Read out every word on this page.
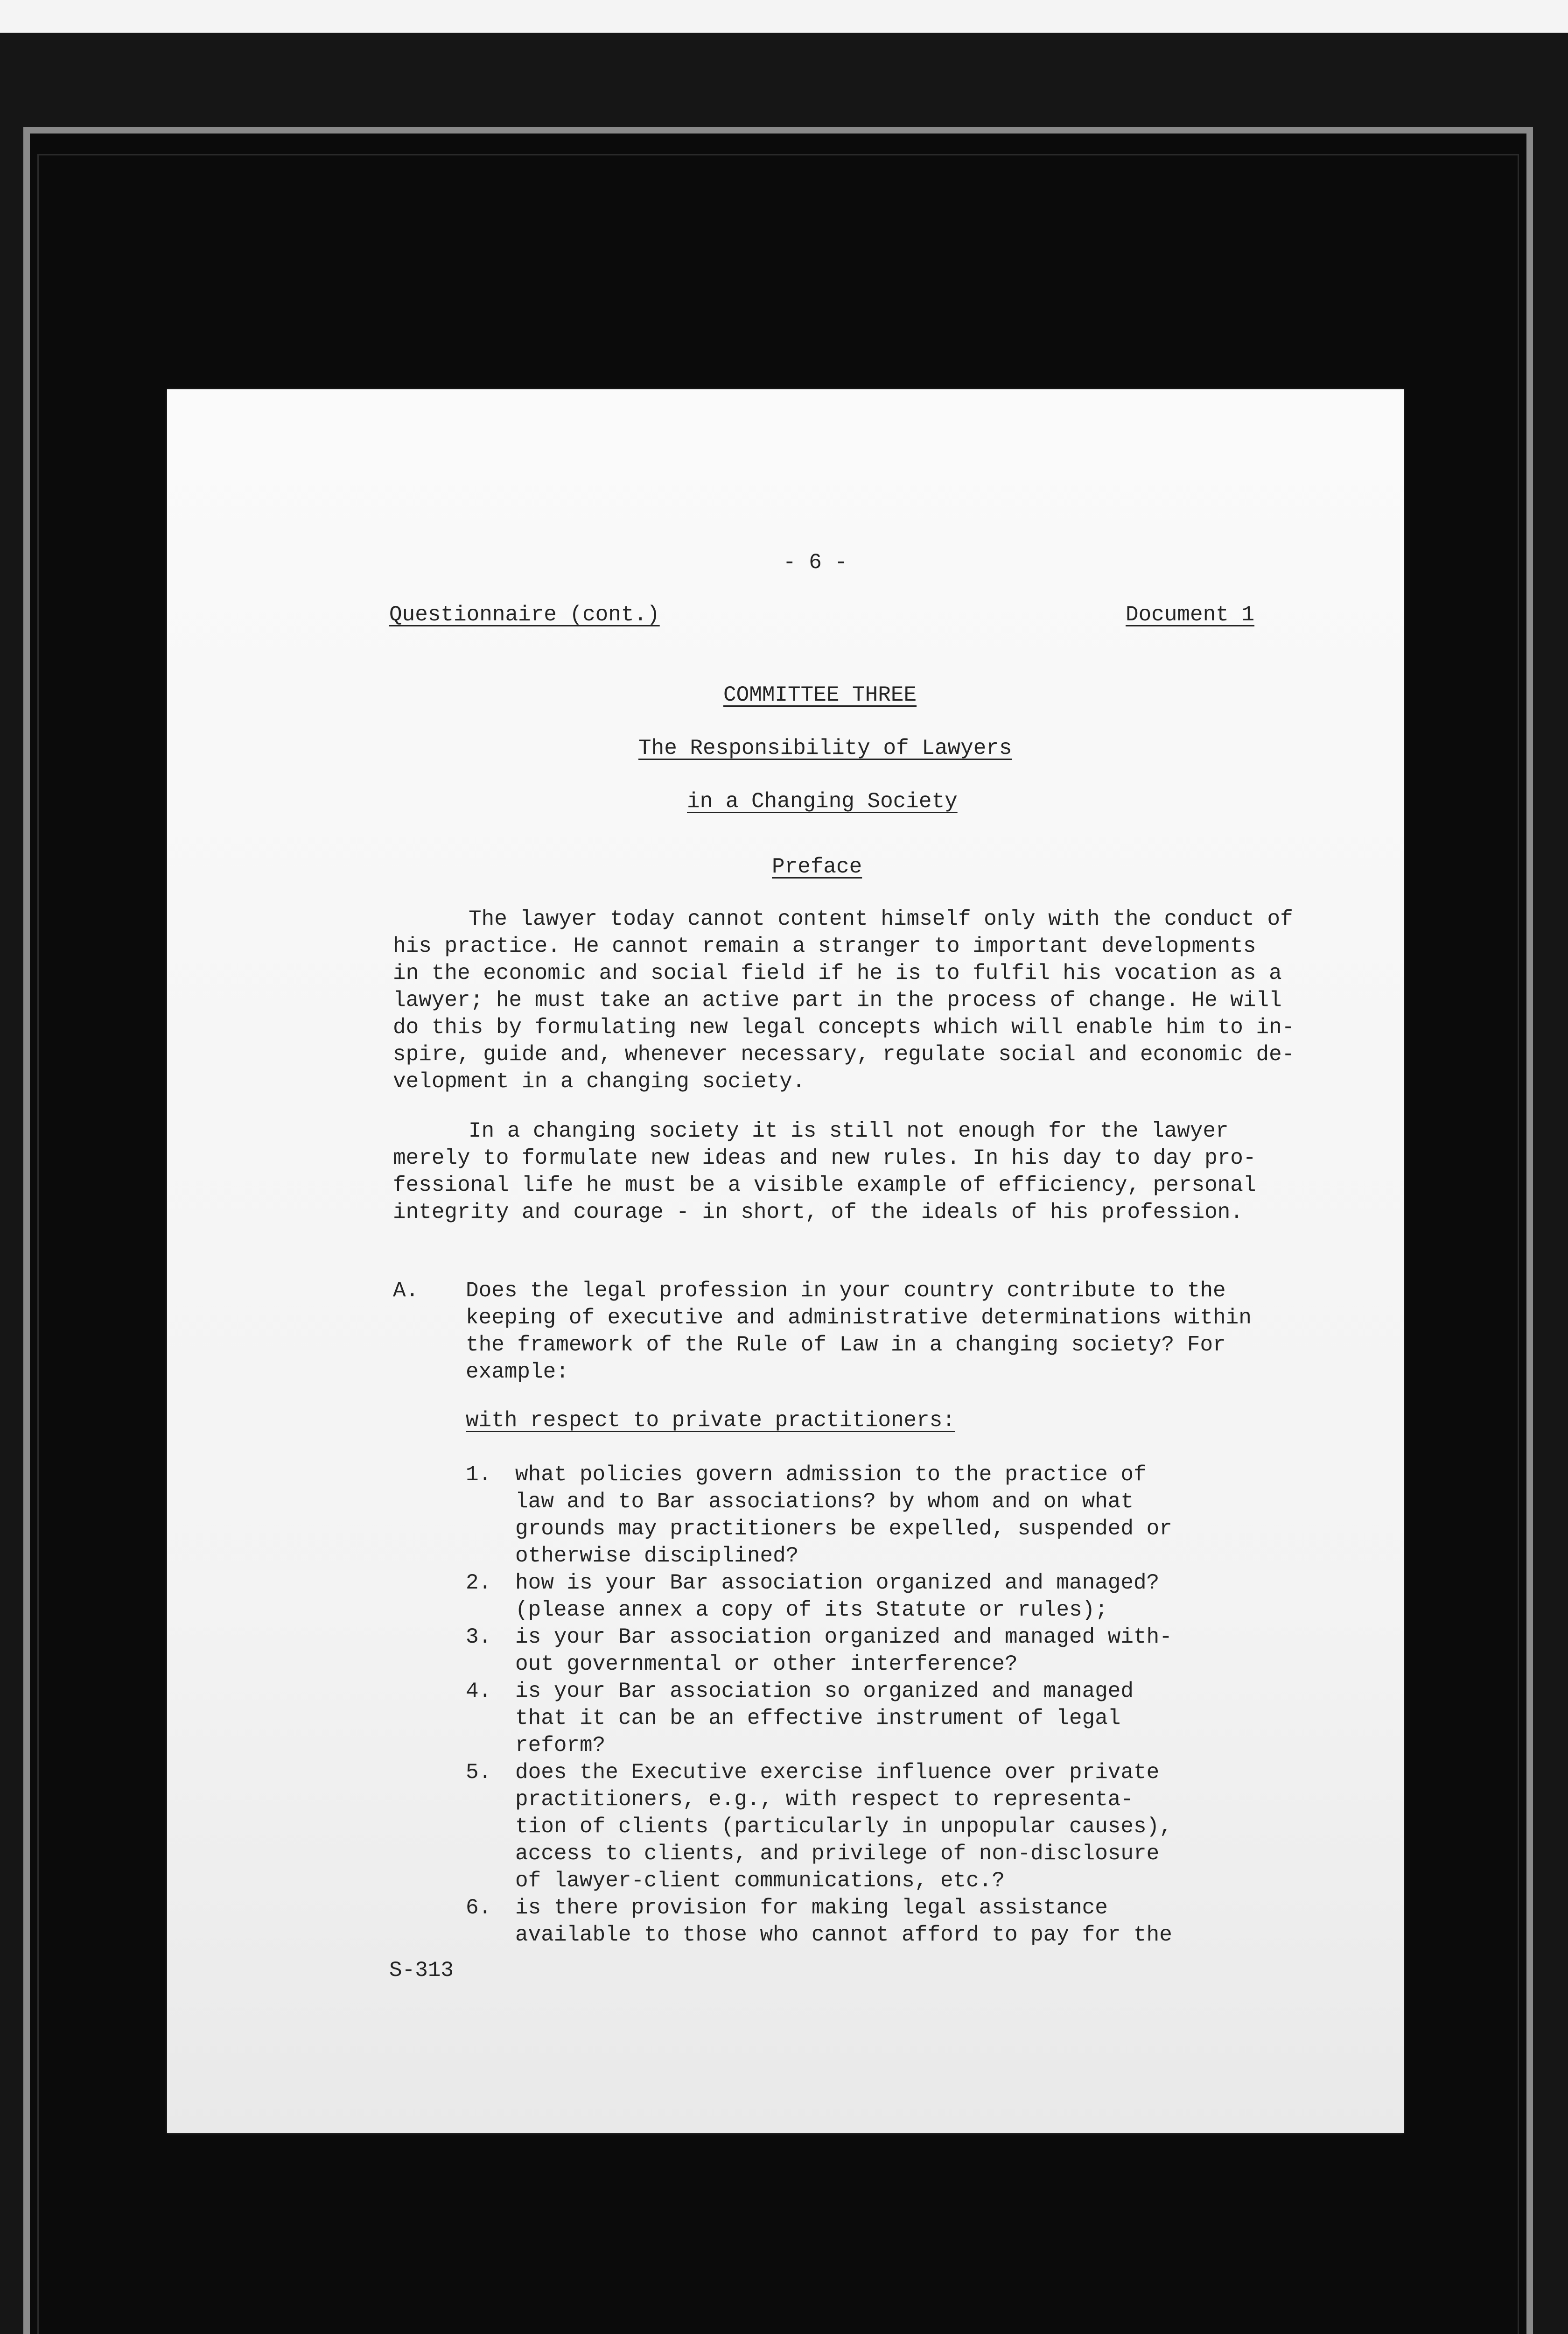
- 6 -
Questionnaire (cont.)	Document 1
COMMITTEE THREE
The Responsibility of Lawyers
in a Changing Society
Preface
The lawyer today cannot content himself only with the conduct of
his practice. He cannot remain a stranger to important developments
in the economic and social field if he is to fulfil his vocation as a
lawyer; he must take an active part in the process of change. He will
do this by formulating new legal concepts which will enable him to in-
spire, guide and, whenever necessary, regulate social and economic de-
velopment in a changing society.
In a changing society it is still not enough for the lawyer
merely to formulate new ideas and new rules. In his day to day pro-
fessional life he must be a visible example of efficiency, personal
integrity and courage - in short, of the ideals of his profession.
A. Does the legal profession in your country contribute to the
keeping of executive and administrative determinations within
the framework of the Rule of Law in a changing society? For
example:
with respect to private practitioners:
1. what policies govern admission to the practice of
law and to Bar associations? by whom and on what
grounds may practitioners be expelled, suspended or
otherwise disciplined?
2. how is your Bar association organized and managed?
(please annex a copy of its Statute or rules);
3. is your Bar association organized and managed with-
out governmental or other interference?
4. is your Bar association so organized and managed
that it can be an effective instrument of legal
reform?
5. does the Executive exercise influence over private
practitioners, e.g., with respect to representa-
tion of clients (particularly in unpopular causes),
access to clients, and privilege of non-disclosure
of lawyer-client communications, etc.?
6. is there provision for making legal assistance
available to those who cannot afford to pay for the
S-313
